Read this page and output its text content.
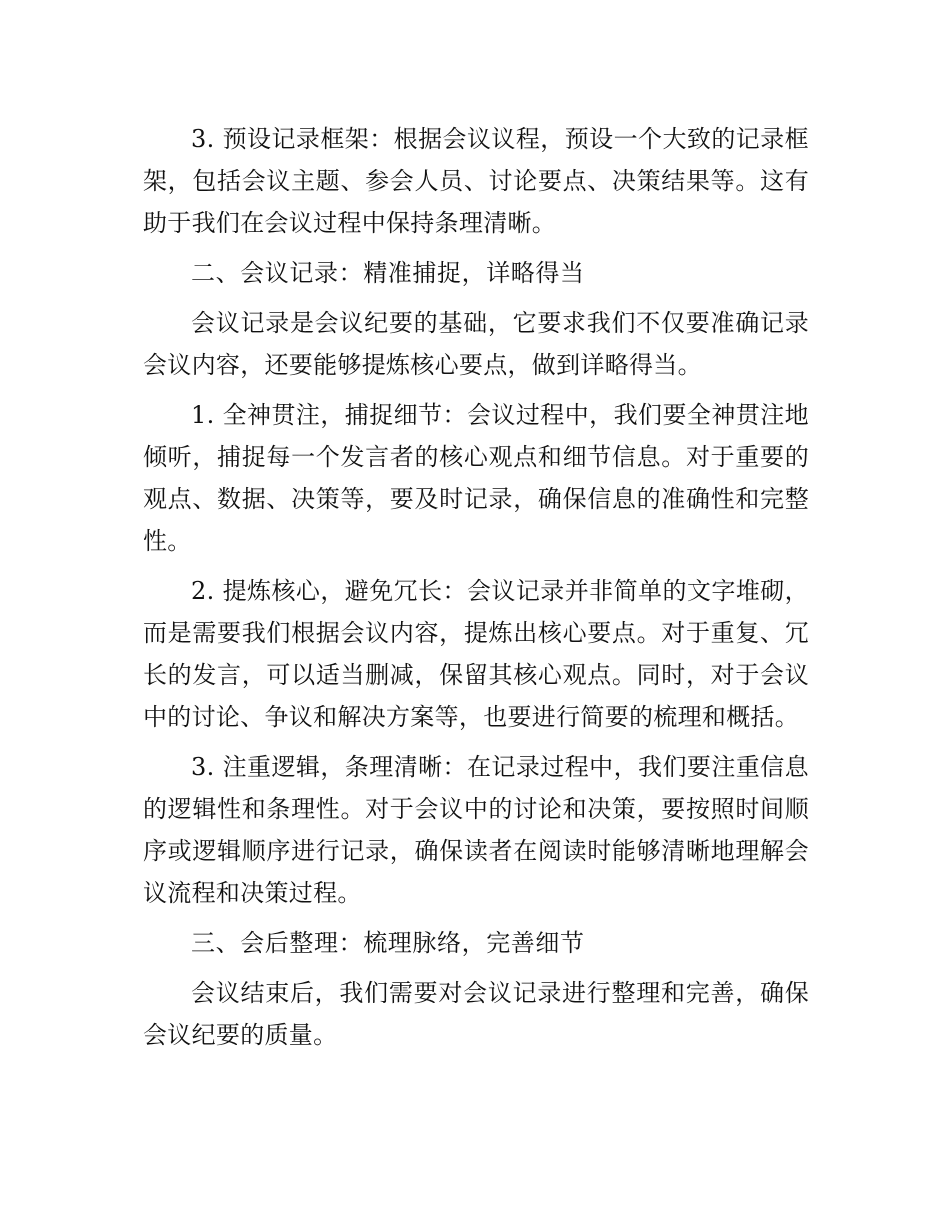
3. 预设记录框架：根据会议议程，预设一个大致的记录框架，包括会议主题、参会人员、讨论要点、决策结果等。这有助于我们在会议过程中保持条理清晰。

二、会议记录：精准捕捉，详略得当

会议记录是会议纪要的基础，它要求我们不仅要准确记录会议内容，还要能够提炼核心要点，做到详略得当。

1. 全神贯注，捕捉细节：会议过程中，我们要全神贯注地倾听，捕捉每一个发言者的核心观点和细节信息。对于重要的观点、数据、决策等，要及时记录，确保信息的准确性和完整性。

2. 提炼核心，避免冗长：会议记录并非简单的文字堆砌，而是需要我们根据会议内容，提炼出核心要点。对于重复、冗长的发言，可以适当删减，保留其核心观点。同时，对于会议中的讨论、争议和解决方案等，也要进行简要的梳理和概括。

3. 注重逻辑，条理清晰：在记录过程中，我们要注重信息的逻辑性和条理性。对于会议中的讨论和决策，要按照时间顺序或逻辑顺序进行记录，确保读者在阅读时能够清晰地理解会议流程和决策过程。

三、会后整理：梳理脉络，完善细节

会议结束后，我们需要对会议记录进行整理和完善，确保会议纪要的质量。
